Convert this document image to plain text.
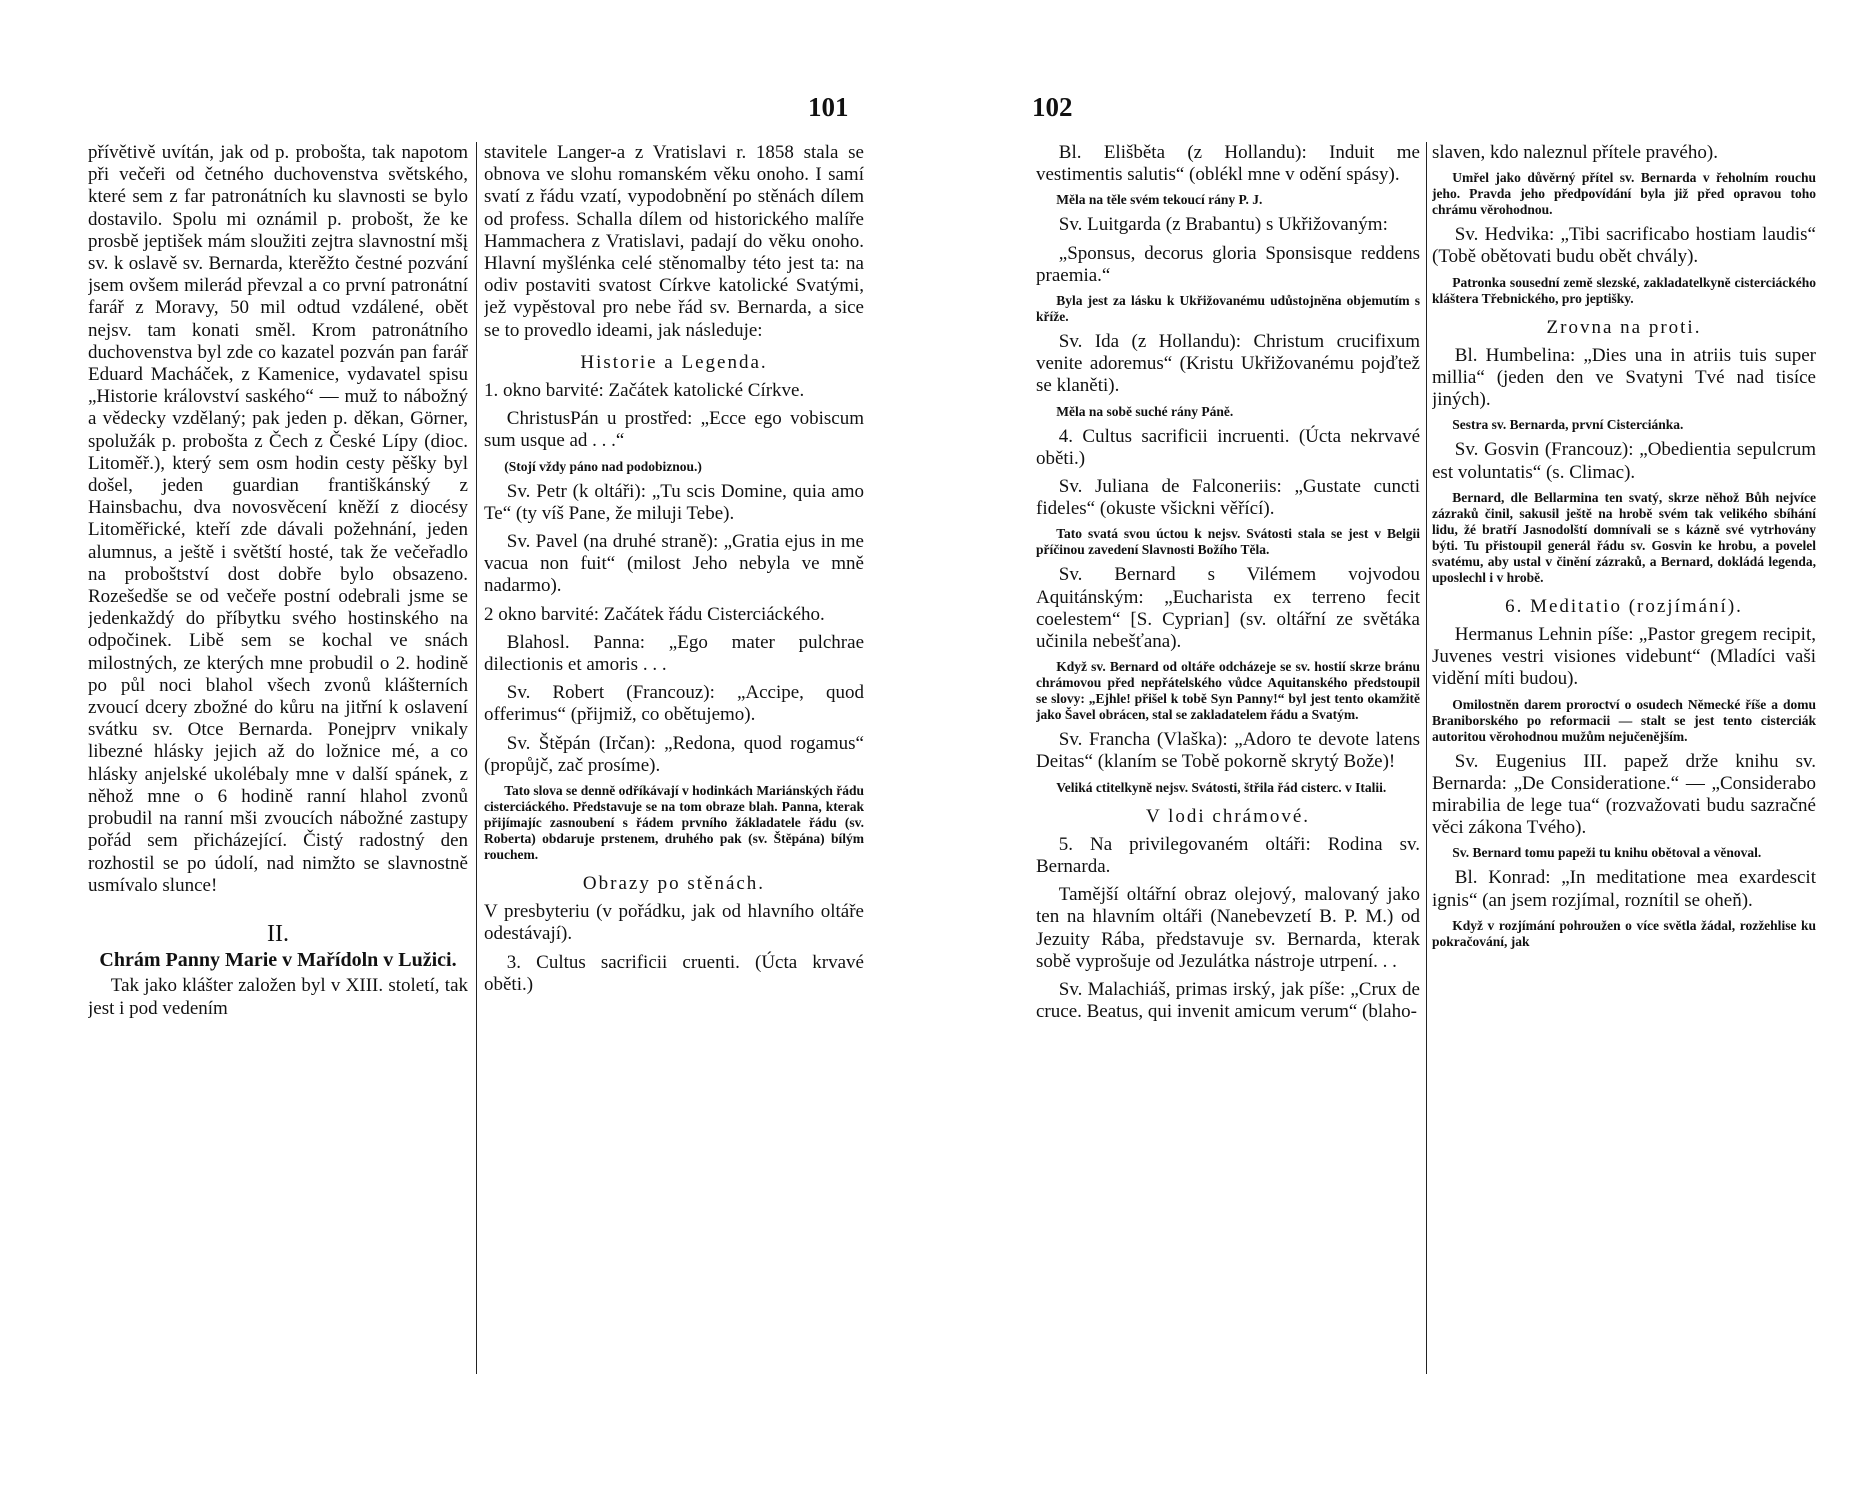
101

přívětivě uvítán, jak od p. proboštа, tak napotom při večeři od četného duchovenstva světského, které sem z far patronátních ku slavnosti se bylo dostavilo. Spolu mi oznámil p. probošt, že ke prosbě jeptišek mám sloužiti zejtra slavnostní mšį sv. k oslavě sv. Bernarda, kterěžto čestné pozvání jsem ovšem milerád převzal a co první patronátní farář z Moravy, 50 mil odtud vzdálené, obět nejsv. tam konati směl. Krom patronátního duchovenstva byl zde co kazatel pozván pan farář Eduard Macháček, z Kamenice, vydavatel spisu „Historie království saského“ — muž to nábožný a vědecky vzdělaný; pak jeden p. děkan, Görner, spolužák p. probošta z Čech z České Lípy (dioc. Litoměř.), který sem osm hodin cesty pěšky byl došel, jeden guardian františkánský z Hainsbachu, dva novosvěcení kněží z diocésy Litoměřické, kteří zde dávali požehnání, jeden alumnus, a ještě i světští hosté, tak že večeřadlo na proboštství dost dobře bylo obsazeno. Rozešedše se od večeře postní odebrali jsme se jedenkaždý do příbytku svého hostinského na odpočinek. Libě sem se kochal ve snách milostných, ze kterých mne probudil o 2. hodině po půl noci blahol všech zvonů klášterních zvoucí dcery zbožné do kůru na jitřní k oslavení svátku sv. Otce Bernarda. Ponejprv vnikaly libezné hlásky jejich až do ložnice mé, a co hlásky anjelské ukolébaly mne v další spánek, z něhož mne o 6 hodině ranní hlahol zvonů probudil na ranní mši zvoucích nábožné zastupy pořád sem přicházející. Čistý radostný den rozhostil se po údolí, nad nimžto se slavnostně usmívalo slunce!

II.
Chrám Panny Marie v Mařídoln v Lužici.

Tak jako klášter založen byl v XIII. století, tak jest i pod vedením

stavitele Langer-a z Vratislavi r. 1858 stala se obnova ve slohu romanském věku onoho. I samí svatí z řádu vzatí, vypodobnění po stěnách dílem od profess. Schalla dílem od historického malíře Hammachera z Vratislavi, padají do věku onoho. Hlavní myšlénka celé stěnomalby této jest ta: na odiv postaviti svatost Církve katolické Svatými, jež vypěstoval pro nebe řád sv. Bernarda, a sice se to provedlo ideami, jak následuje:

Historie a Legenda.

1. okno barvité: Začátek katolické Církve.

ChristusPán u prostřed: „Ecce ego vobiscum sum usque ad . . .“

(Stojí vždy páno nad podobiznou.)

Sv. Petr (k oltáři): „Tu scis Domine, quia amo Te“ (ty víš Pane, že miluji Tebe).

Sv. Pavel (na druhé straně): „Gratia ejus in me vacua non fuit“ (milost Jeho nebyla ve mně nadarmo).

2 okno barvité: Začátek řádu Cisterciáckého.

Blahosl. Panna: „Ego mater pulchrae dilectionis et amoris . . .

Sv. Robert (Francouz): „Accipe, quod offerimus“ (přijmiž, co obětujemo).

Sv. Štěpán (Irčan): „Redona, quod rogamus“ (propůjč, zač prosíme).

Tato slova se denně odříkávají v hodinkách Mariánských řádu cisterciáckého. Představuje se na tom obraze blah. Panna, kterak přijímajíc zasnoubení s řádem prvního žákladatele řádu (sv. Roberta) obdaruje prstenem, druhého pak (sv. Štěpána) bílým rouchem.
Obrazy po stěnách.

V presbyteriu (v pořádku, jak od hlavního oltáře odestávají).

3. Cultus sacrificii cruenti. (Úcta krvavé oběti.)

102

Bl. Elišběta (z Hollandu): Induit me vestimentis salutis“ (oblékl mne v odění spásy).

Měla na těle svém tekoucí rány P. J.

Sv. Luitgarda (z Brabantu) s Ukřižovaným:

„Sponsus, decorus gloria Sponsisque reddens praemia.“

Byla jest za lásku k Ukřižovanému udůstojněna objemutím s kříže.

Sv. Ida (z Hollandu): Christum crucifixum venite adoremus“ (Kristu Ukřižovanému pojďtež se klaněti).

Měla na sobě suché rány Páně.

4. Cultus sacrificii incruenti. (Úcta nekrvavé oběti.)

Sv. Juliana de Falconeriis: „Gustate cuncti fideles“ (okuste všickni věřící).

Tato svatá svou úctou k nejsv. Svátosti stala se jest v Belgii příčinou zavedení Slavnosti Božího Těla.

Sv. Bernard s Vilémem vojvodou Aquitánským: „Eucharista ex terreno fecit coelestem“ [S. Cyprian] (sv. oltářní ze světáka učinila nebešťana).

Když sv. Bernard od oltáře odcházeje se sv. hostií skrze bránu chrámovou před nepřátelského vůdce Aquitanského předstoupil se slovy: „Ejhle! přišel k tobě Syn Panny!“ byl jest tento okamžitě jako Šavel obrácen, stal se zakladatelem řádu a Svatým.

Sv. Francha (Vlaška): „Adoro te devote latens Deitas“ (klaním se Tobě pokorně skrytý Bože)!

Veliká ctitelkyně nejsv. Svátosti, štřila řád cisterc. v Italii.
V lodi chrámové.

5. Na privilegovaném oltáři: Rodina sv. Bernarda.

Tamější oltářní obraz olejový, malovaný jako ten na hlavním oltáři (Nanebevzetí B. P. M.) od Jezuity Rába, představuje sv. Bernarda, kterak sobě vyprošuje od Jezulátka nástroje utrpení. . .

Sv. Malachiáš, primas irský, jak píše: „Crux de cruce. Beatus, qui invenit amicum verum“ (blaho-

slaven, kdo naleznul přítele pravého).

Umřel jako důvěrný přítel sv. Bernarda v řeholním rouchu jeho. Pravda jeho předpovídání byla již před opravou toho chrámu věrohodnou.

Sv. Hedvika: „Tibi sacrificabo hostiam laudis“ (Tobě obětovati budu obět chvály).

Patronka sousední země slezské, zakladatelkyně cisterciáckého kláštera Třebnického, pro jeptišky.
Zrovna na proti.

Bl. Humbelina: „Dies una in atriis tuis super millia“ (jeden den ve Svatyni Tvé nad tisíce jiných).

Sestra sv. Bernarda, první Cisterciánka.

Sv. Gosvin (Francouz): „Obedientia sepulcrum est voluntatis“ (s. Climac).

Bernard, dle Bellarmina ten svatý, skrze něhož Bůh nejvíce zázraků činil, sakusil ještě na hrobě svém tak velikého sbíhání lidu, žé bratří Jasnodolští domnívali se s kázně své vytrhovány býti. Tu přistoupil generál řádu sv. Gosvin ke hrobu, a povelel svatému, aby ustal v činění zázraků, a Bernard, dokládá legenda, uposlechl i v hrobě.
6. Meditatio (rozjímání).

Hermanus Lehnin píše: „Pastor gregem recipit, Juvenes vestri visiones videbunt“ (Mladíci vaši vidění míti budou).

Omilostněn darem proroctví o osudech Německé říše a domu Braniborského po reformacii — stalt se jest tento cisterciák autoritou věrohodnou mužům nejučenějším.

Sv. Eugenius III. papež drže knihu sv. Bernarda: „De Consideratione.“ — „Considerabo mirabilia de lege tua“ (rozvažovati budu sazračné věci zákona Tvého).

Sv. Bernard tomu papeži tu knihu obětoval a věnoval.

Bl. Konrad: „In meditatione mea exardescit ignis“ (an jsem rozjímal, roznítil se oheň).

Když v rozjímání pohroužen o více světla žádal, rozžehlise ku pokračování, jak
